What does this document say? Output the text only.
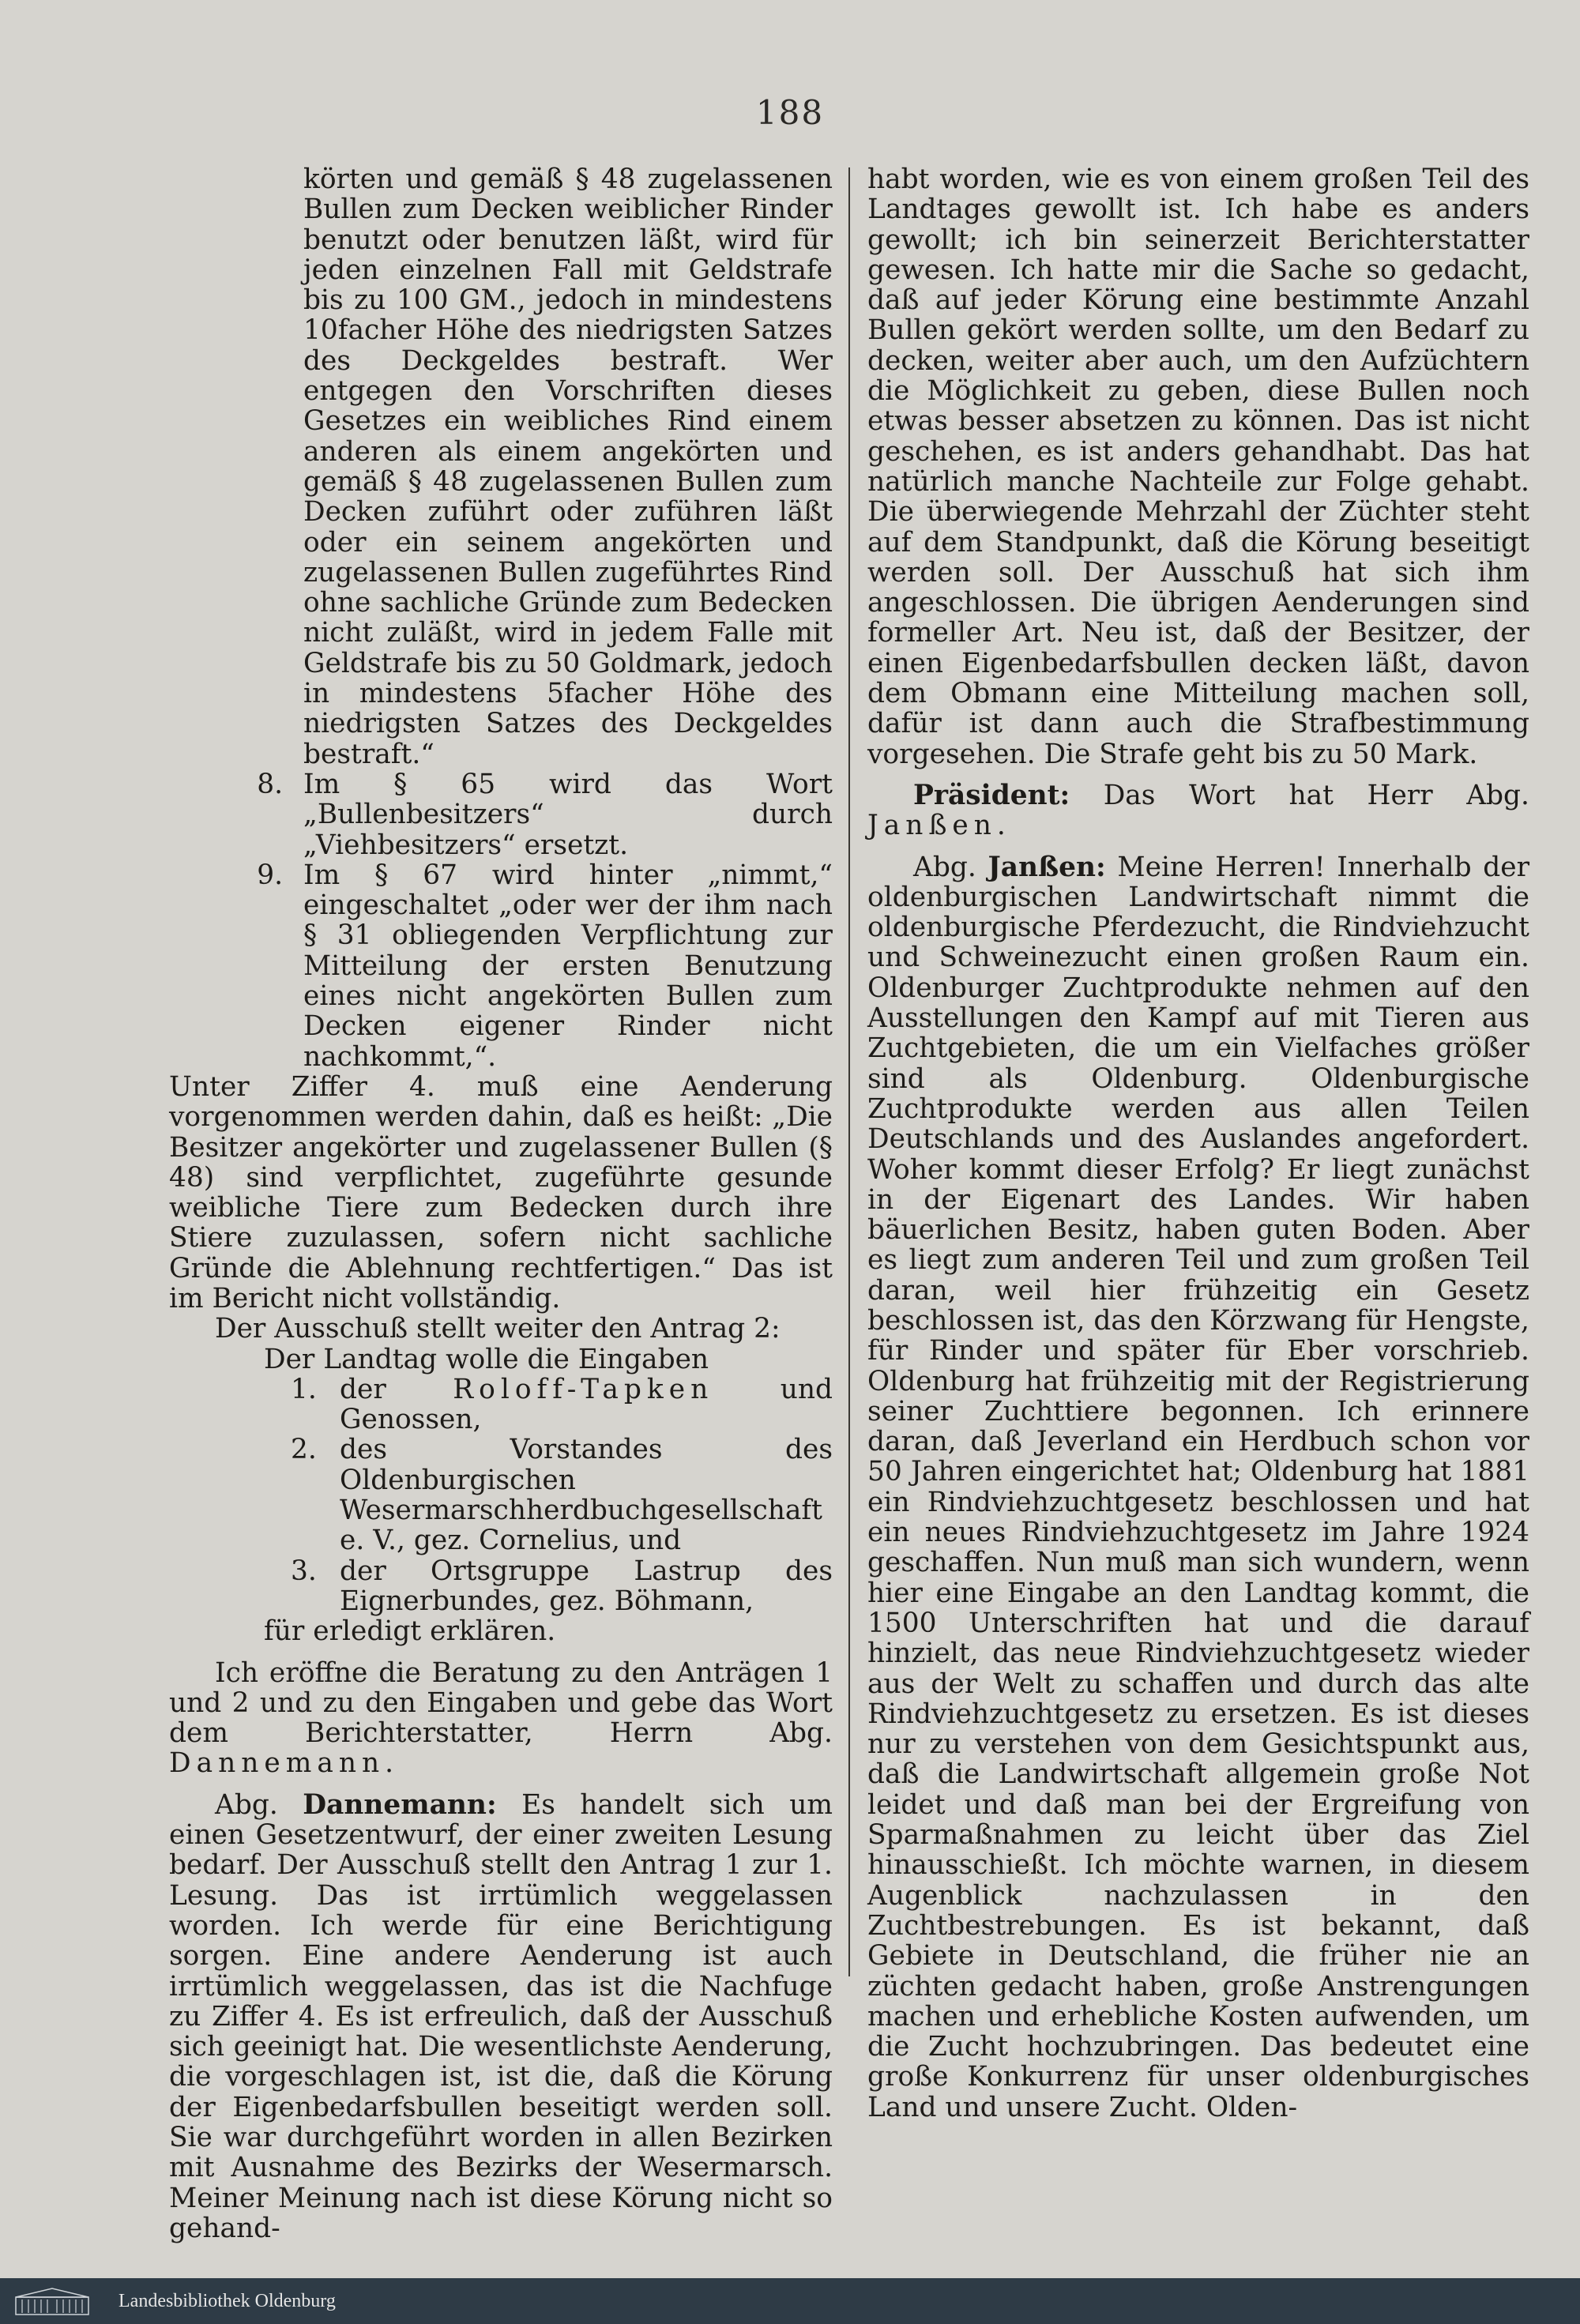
188

körten und gemäß § 48 zugelassenen Bullen zum Decken weiblicher Rinder benutzt oder benutzen läßt, wird für jeden einzelnen Fall mit Geldstrafe bis zu 100 GM., jedoch in mindestens 10facher Höhe des niedrigsten Satzes des Deckgeldes bestraft. Wer entgegen den Vorschriften dieses Gesetzes ein weibliches Rind einem anderen als einem angekörten und gemäß § 48 zugelassenen Bullen zum Decken zuführt oder zuführen läßt oder ein seinem angekörten und zugelassenen Bullen zugeführtes Rind ohne sachliche Gründe zum Bedecken nicht zuläßt, wird in jedem Falle mit Geldstrafe bis zu 50 Goldmark, jedoch in mindestens 5facher Höhe des niedrigsten Satzes des Deckgeldes bestraft.“

8. Im § 65 wird das Wort „Bullenbesitzers“ durch „Viehbesitzers“ ersetzt.
9. Im § 67 wird hinter „nimmt,“ eingeschaltet „oder wer der ihm nach § 31 obliegenden Verpflichtung zur Mitteilung der ersten Benutzung eines nicht angekörten Bullen zum Decken eigener Rinder nicht nachkommt,“.

Unter Ziffer 4. muß eine Aenderung vorgenommen werden dahin, daß es heißt: „Die Besitzer angekörter und zugelassener Bullen (§ 48) sind verpflichtet, zugeführte gesunde weibliche Tiere zum Bedecken durch ihre Stiere zuzulassen, sofern nicht sachliche Gründe die Ablehnung rechtfertigen.“ Das ist im Bericht nicht vollständig.

Der Ausschuß stellt weiter den Antrag 2:

Der Landtag wolle die Eingaben

1. der Roloff-Tapken und Genossen,
2. des Vorstandes des Oldenburgischen Wesermarschherdbuchgesellschaft e. V., gez. Cornelius, und
3. der Ortsgruppe Lastrup des Eignerbundes, gez. Böhmann,

für erledigt erklären.

Ich eröffne die Beratung zu den Anträgen 1 und 2 und zu den Eingaben und gebe das Wort dem Berichterstatter, Herrn Abg. Dannemann.

Abg. Dannemann: Es handelt sich um einen Gesetzentwurf, der einer zweiten Lesung bedarf. Der Ausschuß stellt den Antrag 1 zur 1. Lesung. Das ist irrtümlich weggelassen worden. Ich werde für eine Berichtigung sorgen. Eine andere Aenderung ist auch irrtümlich weggelassen, das ist die Nachfuge zu Ziffer 4. Es ist erfreulich, daß der Ausschuß sich geeinigt hat. Die wesentlichste Aenderung, die vorgeschlagen ist, ist die, daß die Körung der Eigenbedarfsbullen beseitigt werden soll. Sie war durchgeführt worden in allen Bezirken mit Ausnahme des Bezirks der Wesermarsch. Meiner Meinung nach ist diese Körung nicht so gehand-

habt worden, wie es von einem großen Teil des Landtages gewollt ist. Ich habe es anders gewollt; ich bin seinerzeit Berichterstatter gewesen. Ich hatte mir die Sache so gedacht, daß auf jeder Körung eine bestimmte Anzahl Bullen gekört werden sollte, um den Bedarf zu decken, weiter aber auch, um den Aufzüchtern die Möglichkeit zu geben, diese Bullen noch etwas besser absetzen zu können. Das ist nicht geschehen, es ist anders gehandhabt. Das hat natürlich manche Nachteile zur Folge gehabt. Die überwiegende Mehrzahl der Züchter steht auf dem Standpunkt, daß die Körung beseitigt werden soll. Der Ausschuß hat sich ihm angeschlossen. Die übrigen Aenderungen sind formeller Art. Neu ist, daß der Besitzer, der einen Eigenbedarfsbullen decken läßt, davon dem Obmann eine Mitteilung machen soll, dafür ist dann auch die Strafbestimmung vorgesehen. Die Strafe geht bis zu 50 Mark.

Präsident: Das Wort hat Herr Abg. Janßen.

Abg. Janßen: Meine Herren! Innerhalb der oldenburgischen Landwirtschaft nimmt die oldenburgische Pferdezucht, die Rindviehzucht und Schweinezucht einen großen Raum ein. Oldenburger Zuchtprodukte nehmen auf den Ausstellungen den Kampf auf mit Tieren aus Zuchtgebieten, die um ein Vielfaches größer sind als Oldenburg. Oldenburgische Zuchtprodukte werden aus allen Teilen Deutschlands und des Auslandes angefordert. Woher kommt dieser Erfolg? Er liegt zunächst in der Eigenart des Landes. Wir haben bäuerlichen Besitz, haben guten Boden. Aber es liegt zum anderen Teil und zum großen Teil daran, weil hier frühzeitig ein Gesetz beschlossen ist, das den Körzwang für Hengste, für Rinder und später für Eber vorschrieb. Oldenburg hat frühzeitig mit der Registrierung seiner Zuchttiere begonnen. Ich erinnere daran, daß Jeverland ein Herdbuch schon vor 50 Jahren eingerichtet hat; Oldenburg hat 1881 ein Rindviehzuchtgesetz beschlossen und hat ein neues Rindviehzuchtgesetz im Jahre 1924 geschaffen. Nun muß man sich wundern, wenn hier eine Eingabe an den Landtag kommt, die 1500 Unterschriften hat und die darauf hinzielt, das neue Rindviehzuchtgesetz wieder aus der Welt zu schaffen und durch das alte Rindviehzuchtgesetz zu ersetzen. Es ist dieses nur zu verstehen von dem Gesichtspunkt aus, daß die Landwirtschaft allgemein große Not leidet und daß man bei der Ergreifung von Sparmaßnahmen zu leicht über das Ziel hinausschießt. Ich möchte warnen, in diesem Augenblick nachzulassen in den Zuchtbestrebungen. Es ist bekannt, daß Gebiete in Deutschland, die früher nie an züchten gedacht haben, große Anstrengungen machen und erhebliche Kosten aufwenden, um die Zucht hochzubringen. Das bedeutet eine große Konkurrenz für unser oldenburgisches Land und unsere Zucht. Olden-

Landesbibliothek Oldenburg
